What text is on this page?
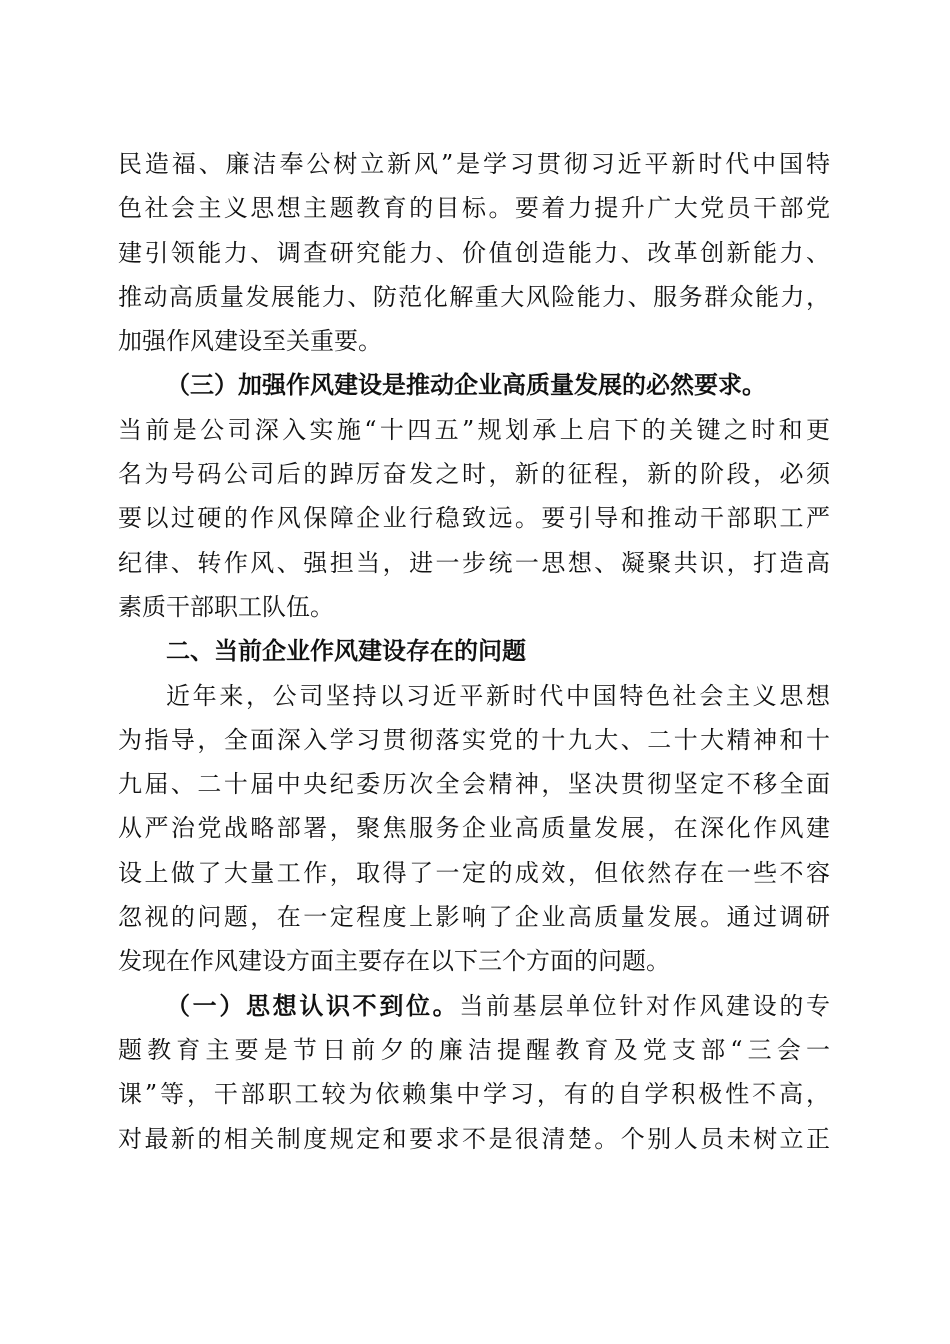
民造福、廉洁奉公树立新风”是学习贯彻习近平新时代中国特
色社会主义思想主题教育的目标。要着力提升广大党员干部党
建引领能力、调查研究能力、价值创造能力、改革创新能力、
推动高质量发展能力、防范化解重大风险能力、服务群众能力，
加强作风建设至关重要。
（三）加强作风建设是推动企业高质量发展的必然要求。
当前是公司深入实施“十四五”规划承上启下的关键之时和更
名为号码公司后的踔厉奋发之时，新的征程，新的阶段，必须
要以过硬的作风保障企业行稳致远。要引导和推动干部职工严
纪律、转作风、强担当，进一步统一思想、凝聚共识，打造高
素质干部职工队伍。
二、当前企业作风建设存在的问题
近年来，公司坚持以习近平新时代中国特色社会主义思想
为指导，全面深入学习贯彻落实党的十九大、二十大精神和十
九届、二十届中央纪委历次全会精神，坚决贯彻坚定不移全面
从严治党战略部署，聚焦服务企业高质量发展，在深化作风建
设上做了大量工作，取得了一定的成效，但依然存在一些不容
忽视的问题，在一定程度上影响了企业高质量发展。通过调研
发现在作风建设方面主要存在以下三个方面的问题。
（一）思想认识不到位。当前基层单位针对作风建设的专
题教育主要是节日前夕的廉洁提醒教育及党支部“三会一
课”等，干部职工较为依赖集中学习，有的自学积极性不高，
对最新的相关制度规定和要求不是很清楚。个别人员未树立正
